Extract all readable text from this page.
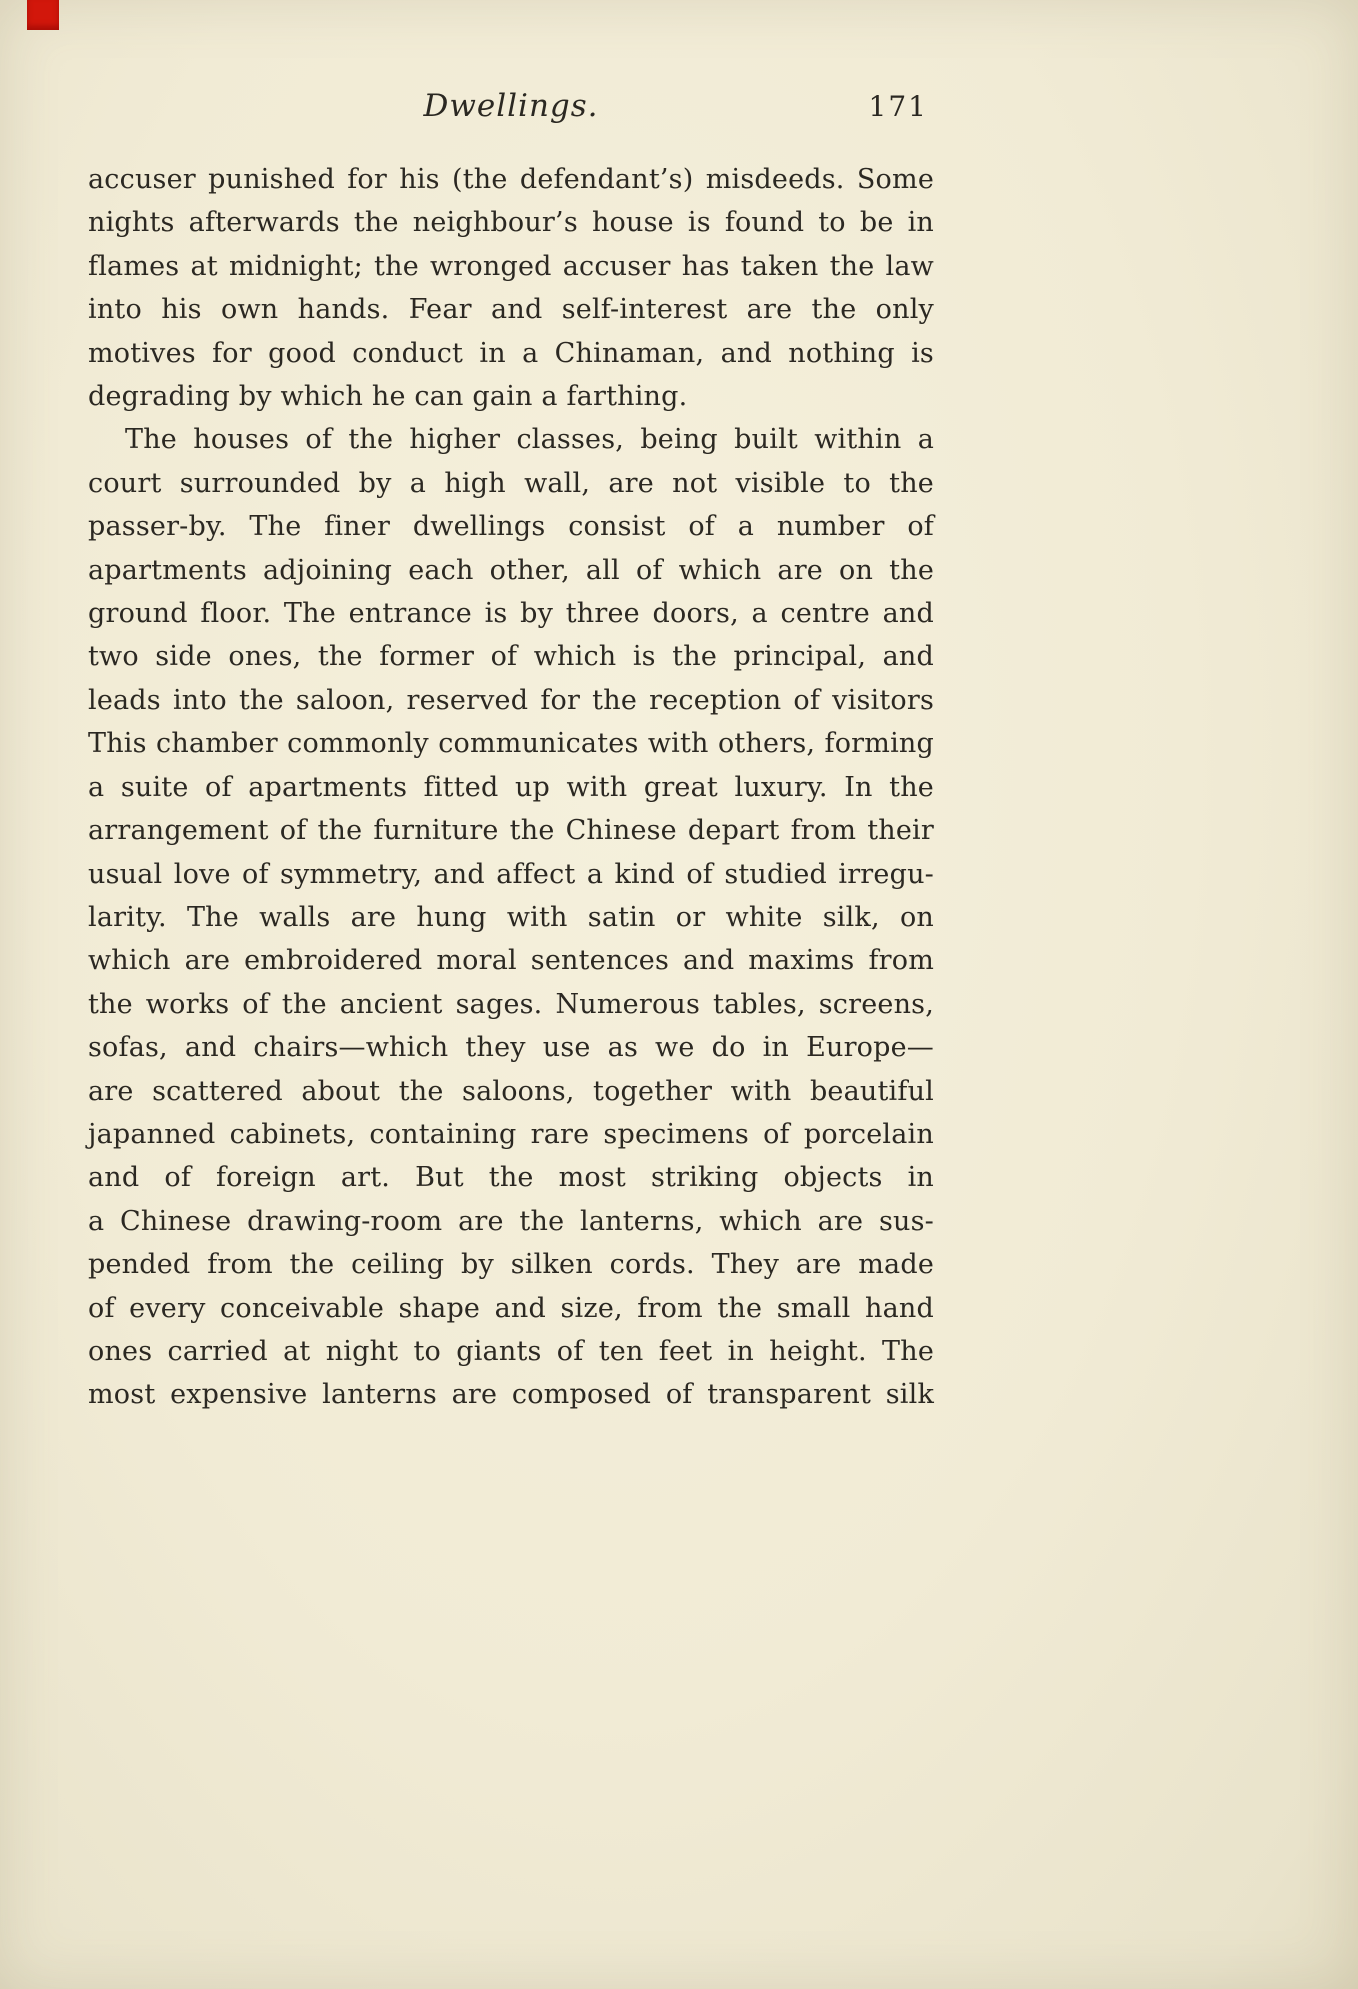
Dwellings.	171
accuser punished for his (the defendant’s) misdeeds. Some
nights afterwards the neighbour’s house is found to be in
flames at midnight; the wronged accuser has taken the law
into his own hands. Fear and self-interest are the only
motives for good conduct in a Chinaman, and nothing is
degrading by which he can gain a farthing.
The houses of the higher classes, being built within a
court surrounded by a high wall, are not visible to the
passer-by. The finer dwellings consist of a number of
apartments adjoining each other, all of which are on the
ground floor. The entrance is by three doors, a centre and
two side ones, the former of which is the principal, and
leads into the saloon, reserved for the reception of visitors
This chamber commonly communicates with others, forming
a suite of apartments fitted up with great luxury. In the
arrangement of the furniture the Chinese depart from their
usual love of symmetry, and affect a kind of studied irregu-
larity. The walls are hung with satin or white silk, on
which are embroidered moral sentences and maxims from
the works of the ancient sages. Numerous tables, screens,
sofas, and chairs—which they use as we do in Europe—
are scattered about the saloons, together with beautiful
japanned cabinets, containing rare specimens of porcelain
and of foreign art. But the most striking objects in
a Chinese drawing-room are the lanterns, which are sus-
pended from the ceiling by silken cords. They are made
of every conceivable shape and size, from the small hand
ones carried at night to giants of ten feet in height. The
most expensive lanterns are composed of transparent silk
